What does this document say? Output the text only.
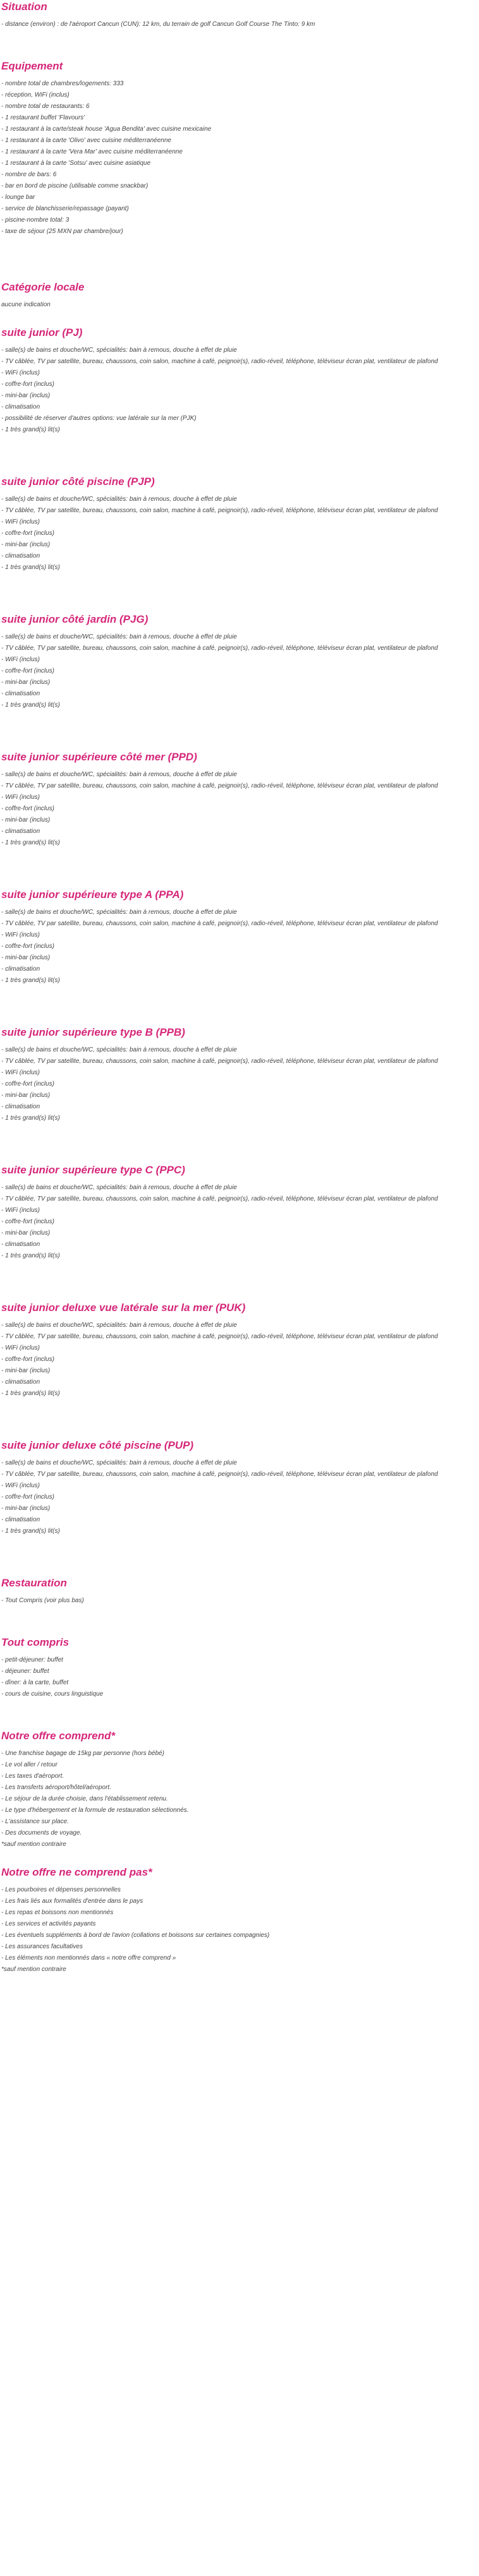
Situation
- distance (environ) : de l'aéroport Cancun (CUN): 12 km, du terrain de golf Cancun Golf Course The Tinto: 9 km
Equipement
- nombre total de chambres/logements: 333
- réception, WiFi (inclus)
- nombre total de restaurants: 6
- 1 restaurant buffet 'Flavours'
- 1 restaurant à la carte/steak house 'Agua Bendita' avec cuisine mexicaine
- 1 restaurant à la carte 'Olivo' avec cuisine méditerranéenne
- 1 restaurant à la carte 'Vera Mar' avec cuisine méditerranéenne
- 1 restaurant à la carte 'Sotsu' avec cuisine asiatique
- nombre de bars: 6
- bar en bord de piscine (utilisable comme snackbar)
- lounge bar
- service de blanchisserie/repassage (payant)
- piscine-nombre total: 3
- taxe de séjour (25 MXN par chambre/jour)
Catégorie locale

aucune indication

suite junior (PJ)
- salle(s) de bains et douche/WC, spécialités: bain à remous, douche à effet de pluie
- TV câblée, TV par satellite, bureau, chaussons, coin salon, machine à café, peignoir(s), radio-réveil, téléphone, téléviseur écran plat, ventilateur de plafond
- WiFi (inclus)
- coffre-fort (inclus)
- mini-bar (inclus)
- climatisation
- possibilité de réserver d'autres options: vue latérale sur la mer (PJK)
- 1 très grand(s) lit(s)
suite junior côté piscine (PJP)
- salle(s) de bains et douche/WC, spécialités: bain à remous, douche à effet de pluie
- TV câblée, TV par satellite, bureau, chaussons, coin salon, machine à café, peignoir(s), radio-réveil, téléphone, téléviseur écran plat, ventilateur de plafond
- WiFi (inclus)
- coffre-fort (inclus)
- mini-bar (inclus)
- climatisation
- 1 très grand(s) lit(s)
suite junior côté jardin (PJG)
- salle(s) de bains et douche/WC, spécialités: bain à remous, douche à effet de pluie
- TV câblée, TV par satellite, bureau, chaussons, coin salon, machine à café, peignoir(s), radio-réveil, téléphone, téléviseur écran plat, ventilateur de plafond
- WiFi (inclus)
- coffre-fort (inclus)
- mini-bar (inclus)
- climatisation
- 1 très grand(s) lit(s)
suite junior supérieure côté mer (PPD)
- salle(s) de bains et douche/WC, spécialités: bain à remous, douche à effet de pluie
- TV câblée, TV par satellite, bureau, chaussons, coin salon, machine à café, peignoir(s), radio-réveil, téléphone, téléviseur écran plat, ventilateur de plafond
- WiFi (inclus)
- coffre-fort (inclus)
- mini-bar (inclus)
- climatisation
- 1 très grand(s) lit(s)
suite junior supérieure type A (PPA)
- salle(s) de bains et douche/WC, spécialités: bain à remous, douche à effet de pluie
- TV câblée, TV par satellite, bureau, chaussons, coin salon, machine à café, peignoir(s), radio-réveil, téléphone, téléviseur écran plat, ventilateur de plafond
- WiFi (inclus)
- coffre-fort (inclus)
- mini-bar (inclus)
- climatisation
- 1 très grand(s) lit(s)
suite junior supérieure type B (PPB)
- salle(s) de bains et douche/WC, spécialités: bain à remous, douche à effet de pluie
- TV câblée, TV par satellite, bureau, chaussons, coin salon, machine à café, peignoir(s), radio-réveil, téléphone, téléviseur écran plat, ventilateur de plafond
- WiFi (inclus)
- coffre-fort (inclus)
- mini-bar (inclus)
- climatisation
- 1 très grand(s) lit(s)
suite junior supérieure type C (PPC)
- salle(s) de bains et douche/WC, spécialités: bain à remous, douche à effet de pluie
- TV câblée, TV par satellite, bureau, chaussons, coin salon, machine à café, peignoir(s), radio-réveil, téléphone, téléviseur écran plat, ventilateur de plafond
- WiFi (inclus)
- coffre-fort (inclus)
- mini-bar (inclus)
- climatisation
- 1 très grand(s) lit(s)
suite junior deluxe vue latérale sur la mer (PUK)
- salle(s) de bains et douche/WC, spécialités: bain à remous, douche à effet de pluie
- TV câblée, TV par satellite, bureau, chaussons, coin salon, machine à café, peignoir(s), radio-réveil, téléphone, téléviseur écran plat, ventilateur de plafond
- WiFi (inclus)
- coffre-fort (inclus)
- mini-bar (inclus)
- climatisation
- 1 très grand(s) lit(s)
suite junior deluxe côté piscine (PUP)
- salle(s) de bains et douche/WC, spécialités: bain à remous, douche à effet de pluie
- TV câblée, TV par satellite, bureau, chaussons, coin salon, machine à café, peignoir(s), radio-réveil, téléphone, téléviseur écran plat, ventilateur de plafond
- WiFi (inclus)
- coffre-fort (inclus)
- mini-bar (inclus)
- climatisation
- 1 très grand(s) lit(s)
Restauration
- Tout Compris (voir plus bas)
Tout compris
- petit-déjeuner: buffet
- déjeuner: buffet
- dîner: à la carte, buffet
- cours de cuisine, cours linguistique
Notre offre comprend*
- Une franchise bagage de 15kg par personne (hors bébé)
- Le vol aller / retour
- Les taxes d'aéroport.
- Les transferts aéroport/hôtel/aéroport.
- Le séjour de la durée choisie, dans l'établissement retenu.
- Le type d'hébergement et la formule de restauration sélectionnés.
- L'assistance sur place.
- Des documents de voyage.
*sauf mention contraire
Notre offre ne comprend pas*
- Les pourboires et dépenses personnelles
- Les frais liés aux formalités d'entrée dans le pays
- Les repas et boissons non mentionnés
- Les services et activités payants
- Les éventuels suppléments à bord de l'avion (collations et boissons sur certaines compagnies)
- Les assurances facultatives
- Les éléments non mentionnés dans « notre offre comprend »
*sauf mention contraire
